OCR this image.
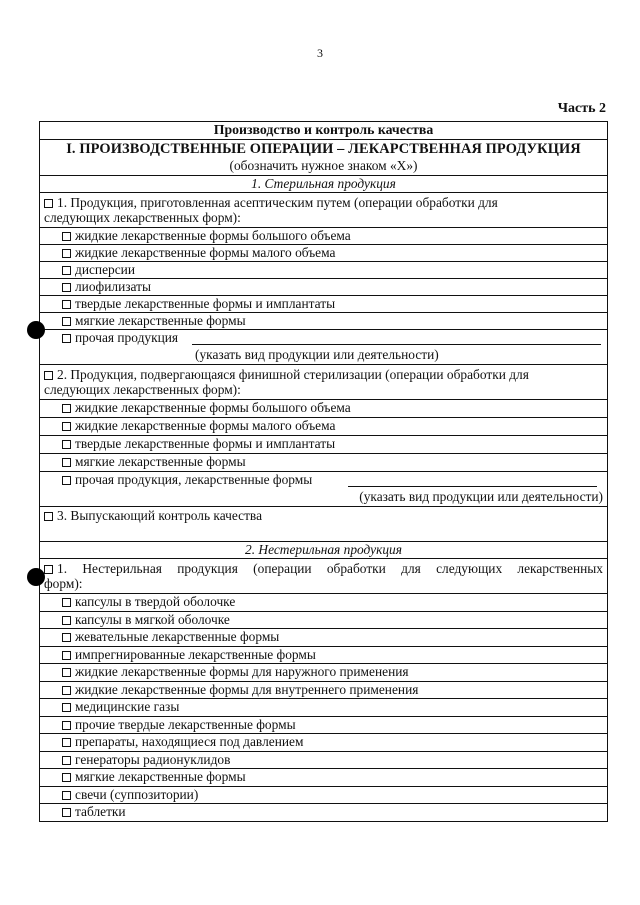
3
Часть 2
Производство и контроль качества
I. ПРОИЗВОДСТВЕННЫЕ ОПЕРАЦИИ – ЛЕКАРСТВЕННАЯ ПРОДУКЦИЯ
(обозначить нужное знаком «X»)
1. Стерильная продукция
1. Продукция, приготовленная асептическим путем (операции обработки для
следующих лекарственных форм):
жидкие лекарственные формы большого объема
жидкие лекарственные формы малого объема
дисперсии
лиофилизаты
твердые лекарственные формы и имплантаты
мягкие лекарственные формы
прочая продукция
(указать вид продукции или деятельности)
2. Продукция, подвергающаяся финишной стерилизации (операции обработки для
следующих лекарственных форм):
жидкие лекарственные формы большого объема
жидкие лекарственные формы малого объема
твердые лекарственные формы и имплантаты
мягкие лекарственные формы
прочая продукция, лекарственные формы
(указать вид продукции или деятельности)
3. Выпускающий контроль качества
2. Нестерильная продукция
1. Нестерильная продукция (операции обработки для следующих лекарственных
форм):
капсулы в твердой оболочке
капсулы в мягкой оболочке
жевательные лекарственные формы
импрегнированные лекарственные формы
жидкие лекарственные формы для наружного применения
жидкие лекарственные формы для внутреннего применения
медицинские газы
прочие твердые лекарственные формы
препараты, находящиеся под давлением
генераторы радионуклидов
мягкие лекарственные формы
свечи (суппозитории)
таблетки
